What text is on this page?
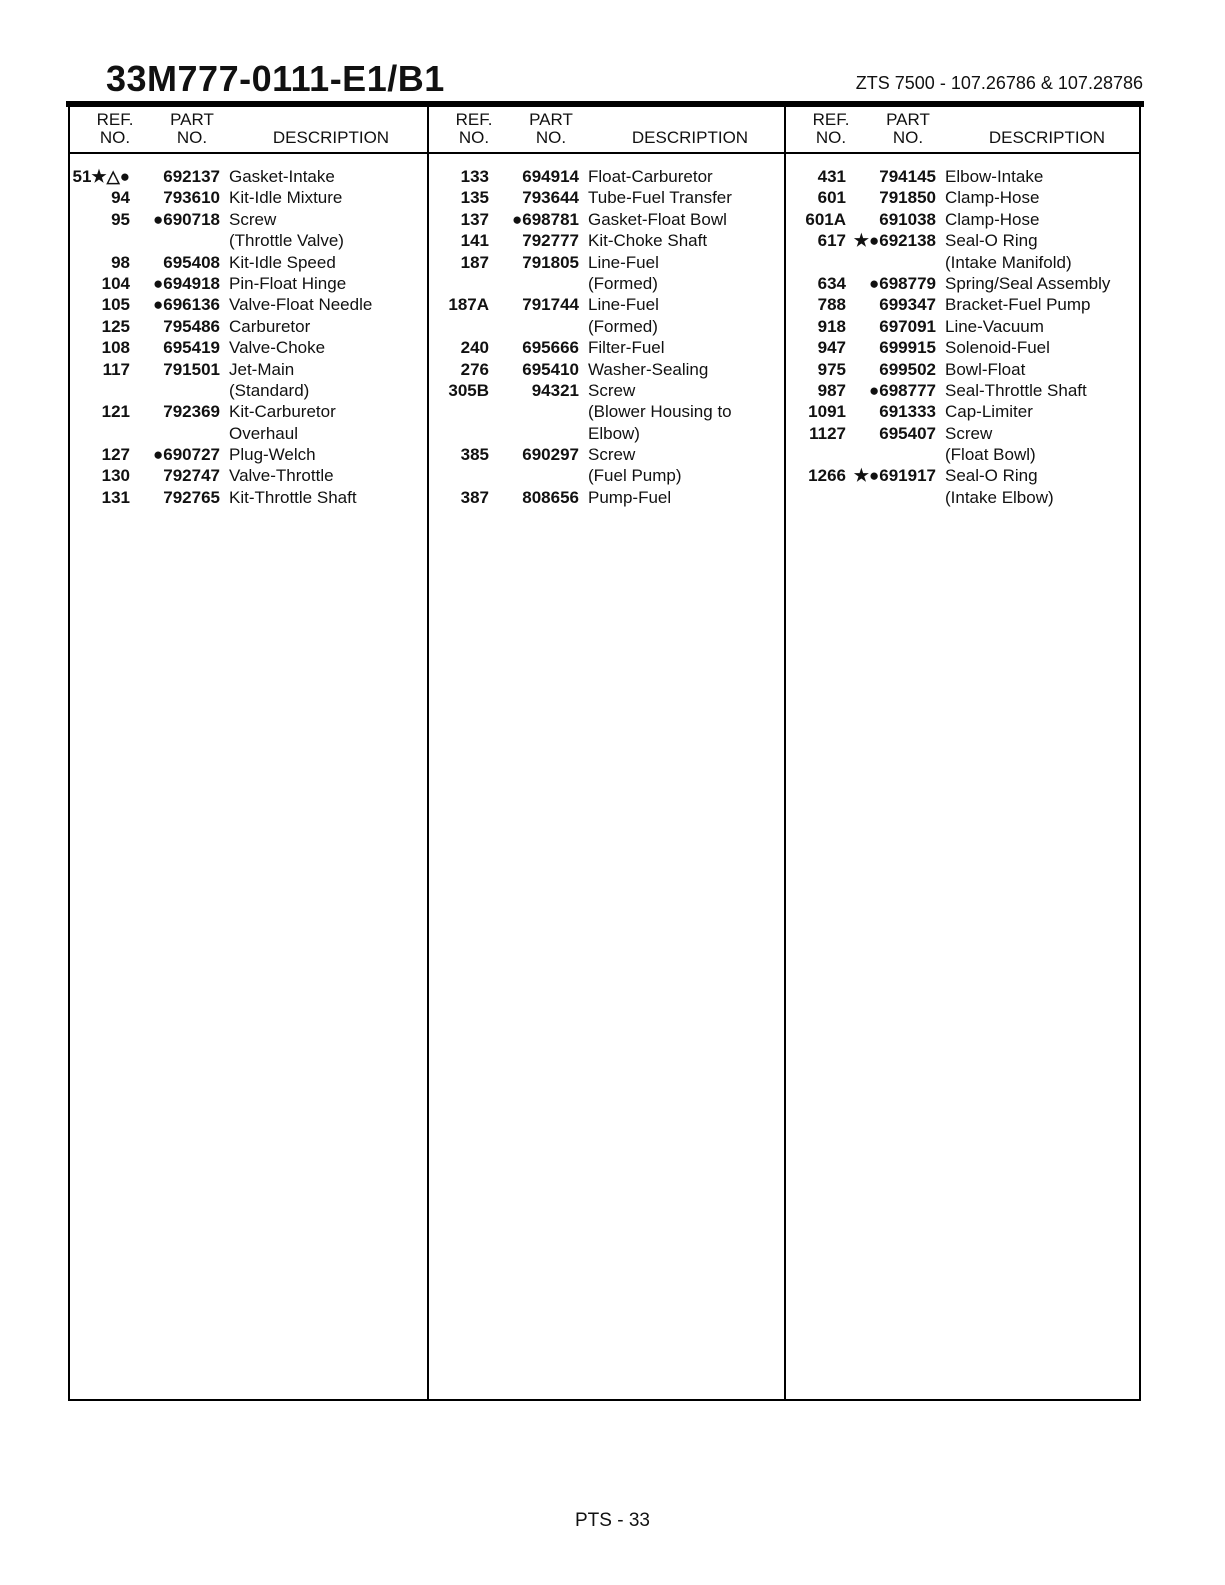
33M777-0111-E1/B1	ZTS 7500 - 107.26786 & 107.28786
REF.
NO.
PART
NO.	DESCRIPTION
51★△●	692137 Gasket-Intake
94	793610 Kit-Idle Mixture
95	●690718 Screw
(Throttle Valve)
98	695408 Kit-Idle Speed
104	●694918 Pin-Float Hinge
105	●696136 Valve-Float Needle
125	795486 Carburetor
108	695419 Valve-Choke
117	791501 Jet-Main
(Standard)
121	792369 Kit-Carburetor
Overhaul
127	●690727 Plug-Welch
130	792747 Valve-Throttle
131	792765 Kit-Throttle Shaft
REF.
NO.
PART
NO.	DESCRIPTION
133	694914 Float-Carburetor
135	793644 Tube-Fuel Transfer
137	●698781 Gasket-Float Bowl
141	792777 Kit-Choke Shaft
187	791805 Line-Fuel
(Formed)
187A	791744 Line-Fuel
(Formed)
240	695666 Filter-Fuel
276	695410 Washer-Sealing
305B	94321 Screw
(Blower Housing to
Elbow)
385	690297 Screw
(Fuel Pump)
387	808656 Pump-Fuel
REF.
NO.
PART
NO.	DESCRIPTION
431	794145 Elbow-Intake
601	791850 Clamp-Hose
601A	691038 Clamp-Hose
617 ★●692138 Seal-O Ring
(Intake Manifold)
634	●698779 Spring/Seal Assembly
788	699347 Bracket-Fuel Pump
918	697091 Line-Vacuum
947	699915 Solenoid-Fuel
975	699502 Bowl-Float
987	●698777 Seal-Throttle Shaft
1091	691333 Cap-Limiter
1127	695407 Screw
(Float Bowl)
1266 ★●691917 Seal-O Ring
(Intake Elbow)
PTS - 33
